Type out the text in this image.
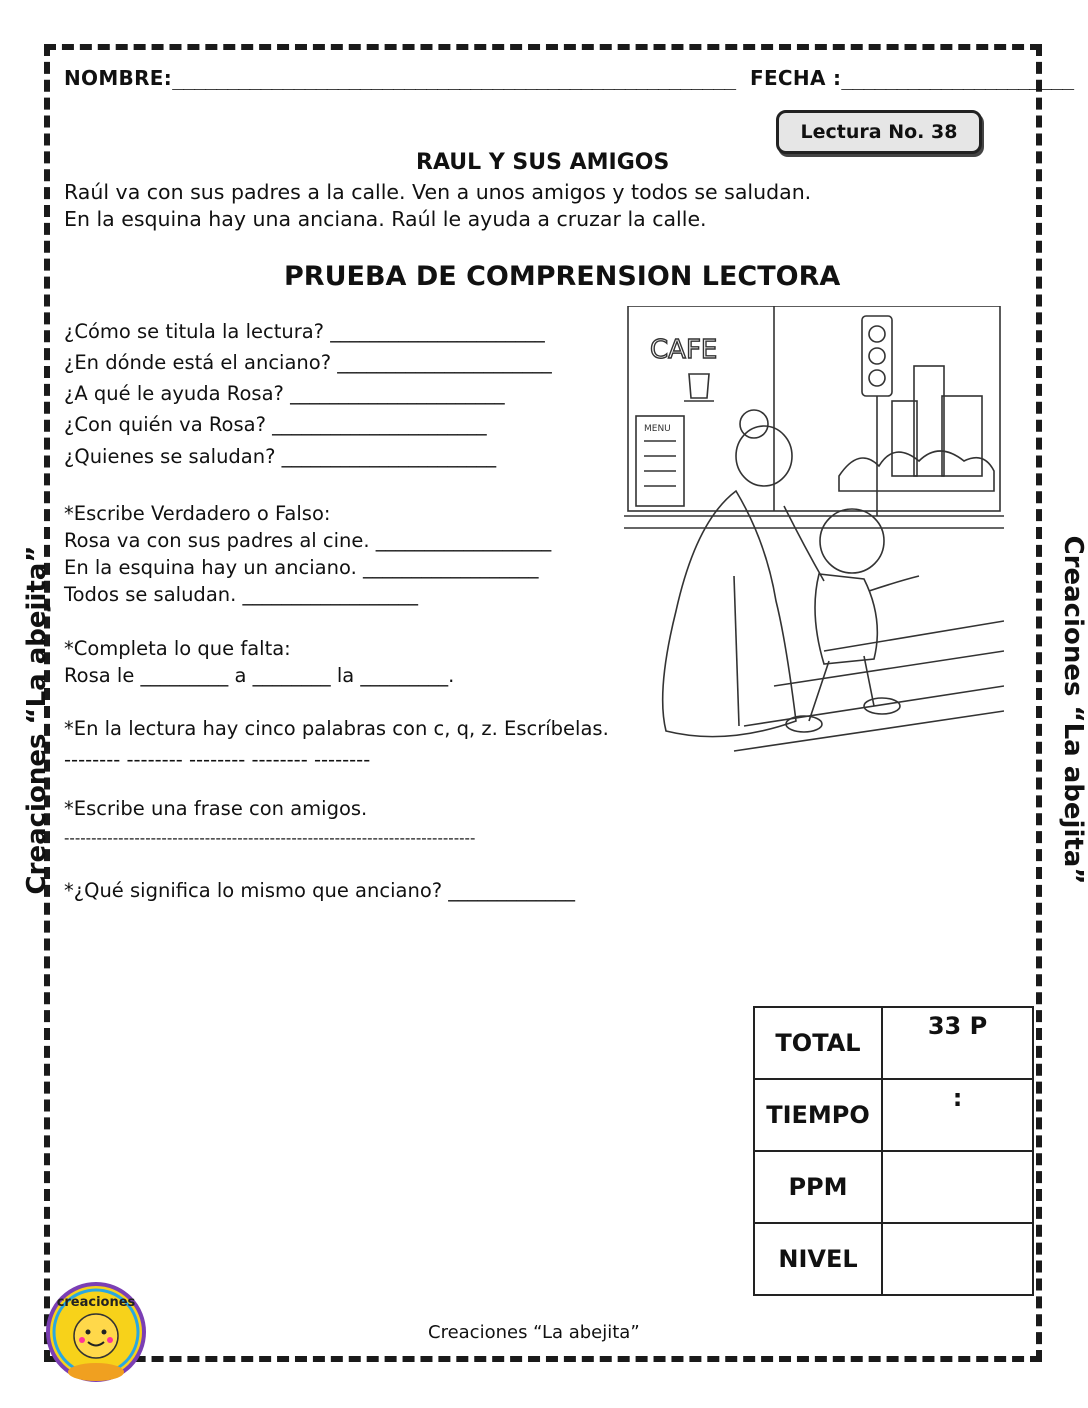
NOMBRE:___________________________________________________ FECHA :_____________________
Lectura No. 38
RAUL Y SUS AMIGOS
Raúl va con sus padres a la calle. Ven a unos amigos y todos se saludan. En la esquina hay una anciana. Raúl le ayuda a cruzar la calle.
PRUEBA DE COMPRENSION LECTORA
¿Cómo se titula la lectura? ______________________
¿En dónde está el anciano? ______________________
¿A qué le ayuda Rosa? ______________________
¿Con quién va Rosa? ______________________
¿Quienes se saludan? ______________________
*Escribe Verdadero o Falso:
Rosa va con sus padres al cine. __________________
En la esquina hay un anciano. __________________
Todos se saludan. __________________
*Completa lo que falta:
Rosa le _________ a ________ la _________.
*En la lectura hay cinco palabras con c, q, z. Escríbelas.
-------- -------- -------- -------- --------
*Escribe una frase con amigos.
----------------------------------------------------------------------------
*¿Qué significa lo mismo que anciano? _____________
CAFE
MENU
TOTAL	33 P
TIEMPO	:
PPM	
NIVEL	
Creaciones “La abejita”	Creaciones “La abejita”
Creaciones “La abejita”
creaciones
